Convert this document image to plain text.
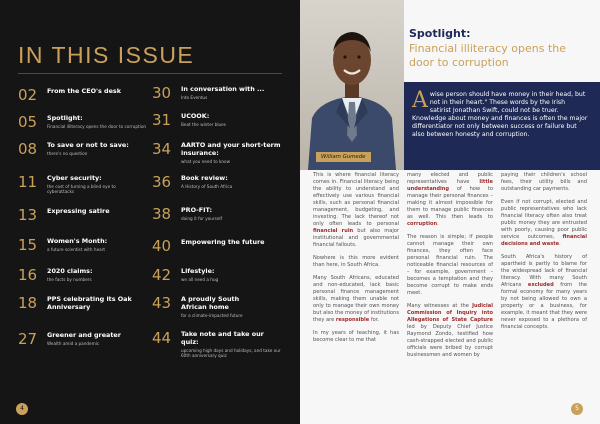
IN THIS ISSUE
02	From the CEO's desk
05	Spotlight:
Financial illiteracy opens the door to corruption
08	To save or not to save:
there's no question
11	Cyber security:
the cost of turning a blind eye to cyberattacks
13	Expressing satire
15	Women's Month:
a future scientist with heart
16	2020 claims:
the facts by numbers
18	PPS celebrating its Oak Anniversary
27	Greener and greater
Wealth amid a pandemic
30	In conversation with ...
Into Eventus
31	UCOOK:
Beat the winter blues
34	AARTO and your short-term insurance:
what you need to know
36	Book review:
A History of South Africa
38	PRO-FIT:
doing it for yourself
40	Empowering the future
42	Lifestyle:
we all need a hug
43	A proudly South African home
for a climate-impacted future
44	Take note and take our quiz:
upcoming high days and holidays, and take our 60th anniversary quiz
4
William Gumede
Spotlight:
Financial illiteracy opens the door to corruption
A wise person should have money in their head, but not in their heart." These words by the Irish satirist Jonathan Swift, could not be truer. Knowledge about money and finances is often the major differentiator not only between success or failure but also between honesty and corruption.

This is where financial literacy comes in. Financial literacy being the ability to understand and effectively use various financial skills, such as personal financial management, budgeting, and investing. The lack thereof not only often leads to personal financial ruin but also major institutional and governmental financial fallouts.

Nowhere is this more evident than here, in South Africa.

Many South Africans, educated and non-educated, lack basic personal finance management skills, making them unable not only to manage their own money but also the money of institutions they are responsible for.

In my years of teaching, it has become clear to me that

many elected and public representatives have little understanding of how to manage their personal finances – making it almost impossible for them to manage public finances as well. This then leads to corruption.

The reason is simple; if people cannot manage their own finances, they often face personal financial ruin. The noticeable financial resources of – for example, government – becomes a temptation and they become corrupt to make ends meet.

Many witnesses at the Judicial Commission of Inquiry into Allegations of State Capture led by Deputy Chief Justice Raymond Zondo, testified how cash-strapped elected and public officials were bribed by corrupt businessmen and women by

paying their children's school fees, their utility bills and outstanding car payments.

Even if not corrupt, elected and public representatives who lack financial literacy often also treat public money they are entrusted with poorly, causing poor public service outcomes, financial decisions and waste.

South Africa's history of apartheid is partly to blame for the widespread lack of financial literacy. With many South Africans excluded from the formal economy for many years by not being allowed to own a property or a business, for example, it meant that they were never exposed to a plethora of financial concepts.

5
